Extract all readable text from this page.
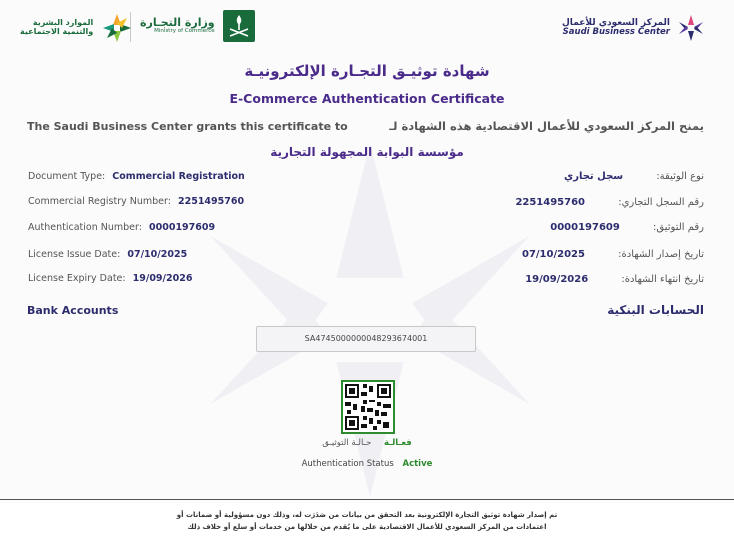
المركز السعودي للأعمال
Saudi Business Center
وزارة التجـارة
Ministry of Commerce
الموارد البشرية
والتنمية الاجتماعية
شهادة توثيـق التجـارة الإلكترونيـة
E-Commerce Authentication Certificate
The Saudi Business Center grants this certificate to	يمنح المركز السعودي للأعمال الاقتصادية هذه الشهادة لـ
مؤسسة البوابة المجهولة التجارية
Document Type: Commercial Registration
Commercial Registry Number: 2251495760
Authentication Number: 0000197609
License Issue Date: 07/10/2025
License Expiry Date: 19/09/2026
نوع الوثيقة: سجل تجاري
رقم السجل التجاري: 2251495760
رقم التوثيق: 0000197609
تاريخ إصدار الشهادة: 07/10/2025
تاريخ انتهاء الشهادة: 19/09/2026
Bank Accounts	الحسابات البنكية
SA4745000000048293674001
فعـالـة حـالـة التوثيـق
Authentication Status Active

تم إصدار شهادة توثيق التجارة الإلكترونية بعد التحقق من بيانات من صَدَرَت له، وذلك دون مسؤولية أو ضمانات أو

اعتمادات من المركز السعودي للأعمال الاقتصادية على ما يُقدم من خلالها من خدمات أو سلع أو خلاف ذلك
